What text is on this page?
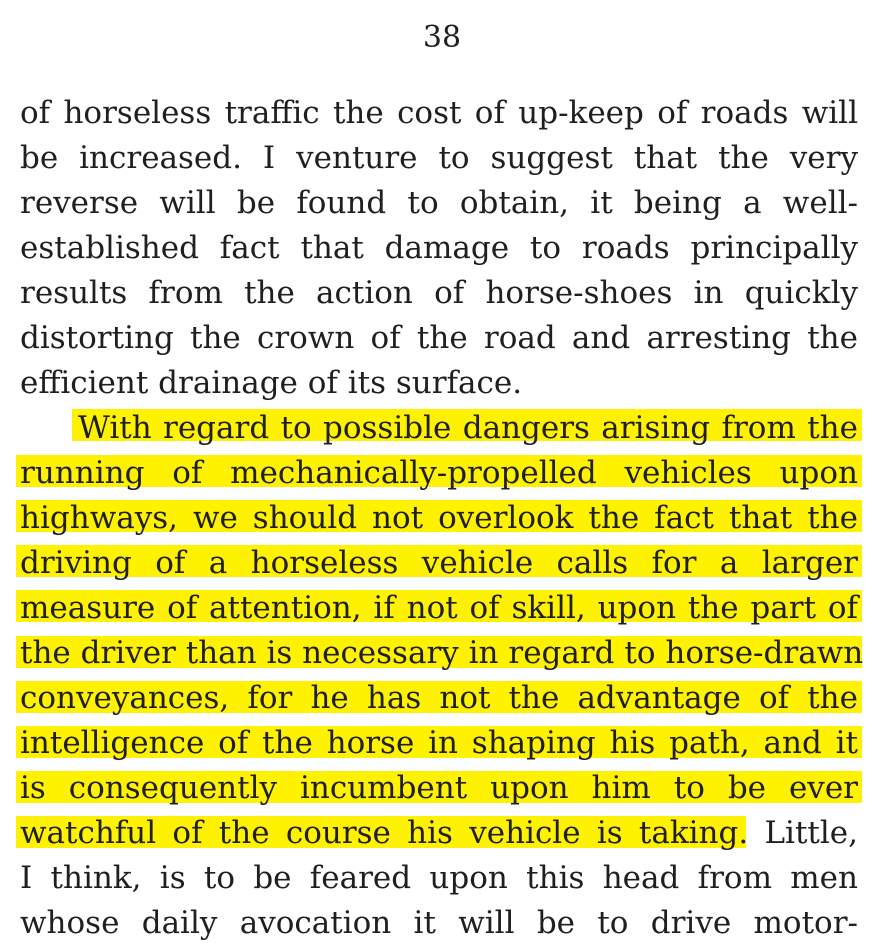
38
of horseless traffic the cost of up-keep of roads will
be increased. I venture to suggest that the very
reverse will be found to obtain, it being a well-
established fact that damage to roads principally
results from the action of horse-shoes in quickly
distorting the crown of the road and arresting the
efficient drainage of its surface.
With regard to possible dangers arising from the
running of mechanically-propelled vehicles upon
highways, we should not overlook the fact that the
driving of a horseless vehicle calls for a larger
measure of attention, if not of skill, upon the part of
the driver than is necessary in regard to horse-drawn
conveyances, for he has not the advantage of the
intelligence of the horse in shaping his path, and it
is consequently incumbent upon him to be ever
watchful of the course his vehicle is taking. Little,
I think, is to be feared upon this head from men
whose daily avocation it will be to drive motor-
